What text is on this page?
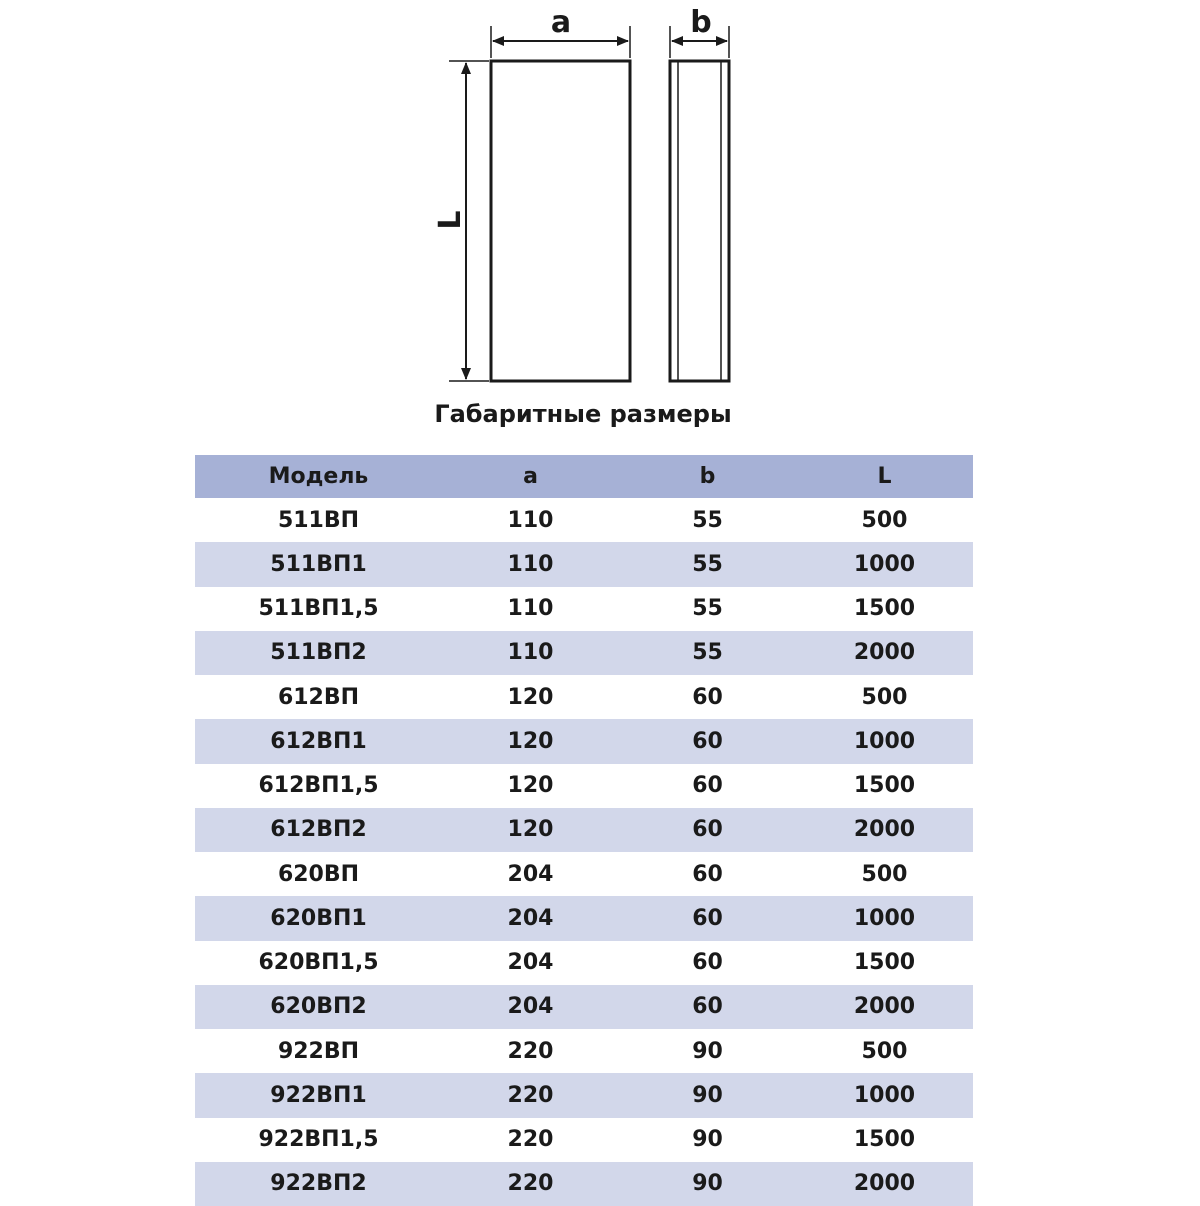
a
L
b
Габаритные размеры
Модель	a	b	L
511ВП	110	55	500
511ВП1	110	55	1000
511ВП1,5	110	55	1500
511ВП2	110	55	2000
612ВП	120	60	500
612ВП1	120	60	1000
612ВП1,5	120	60	1500
612ВП2	120	60	2000
620ВП	204	60	500
620ВП1	204	60	1000
620ВП1,5	204	60	1500
620ВП2	204	60	2000
922ВП	220	90	500
922ВП1	220	90	1000
922ВП1,5	220	90	1500
922ВП2	220	90	2000
